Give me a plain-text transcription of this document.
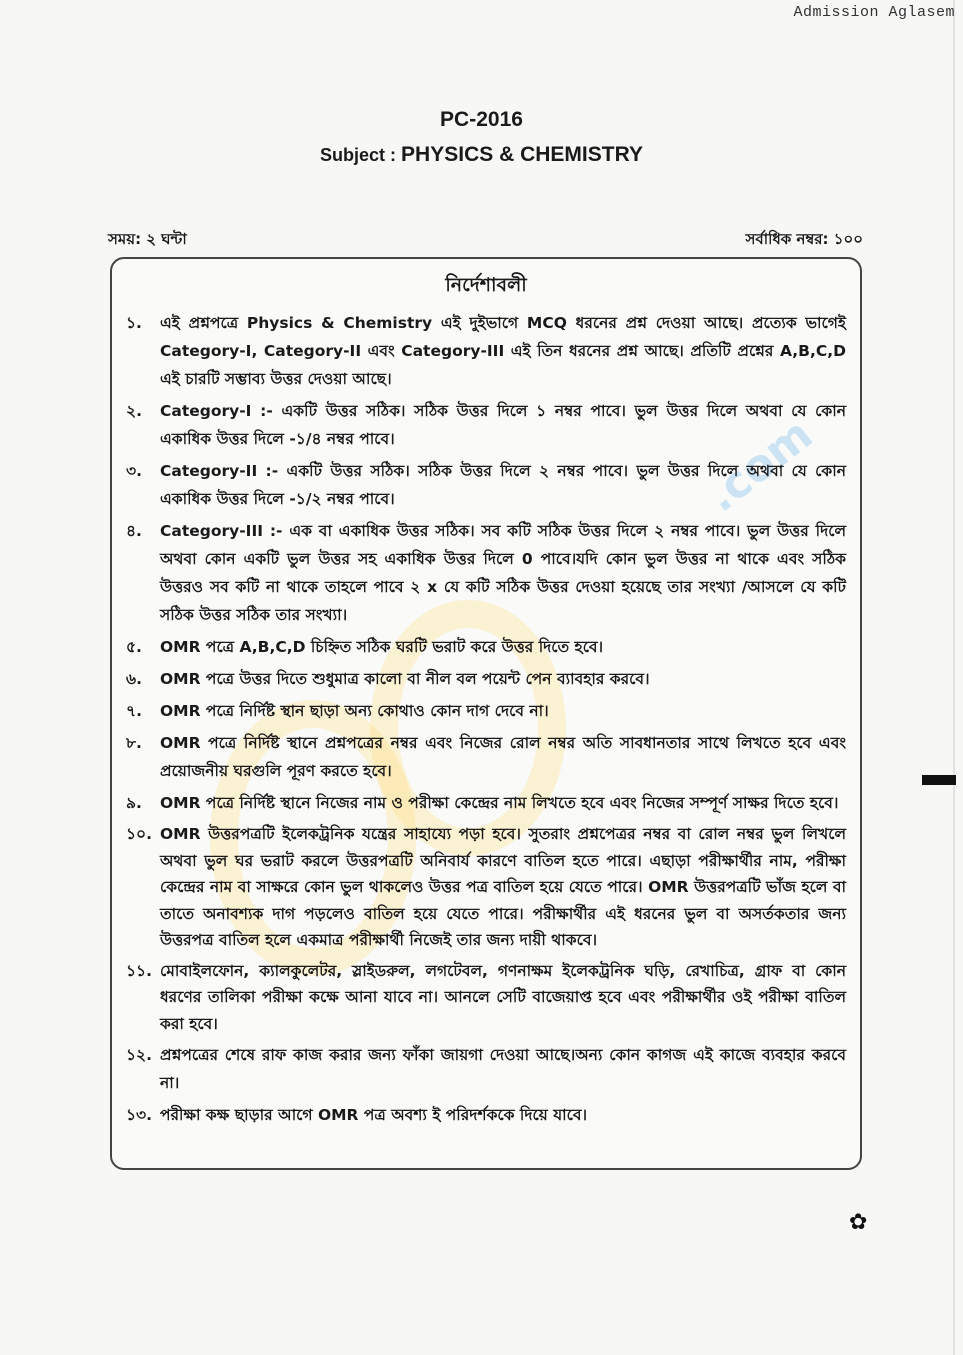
Admission Aglasem
PC-2016
Subject : PHYSICS & CHEMISTRY
সময়: ২ ঘন্টা	সর্বাধিক নম্বর: ১০০
.com
নির্দেশাবলী
১.	এই প্রশ্নপত্রে Physics & Chemistry এই দুইভাগে MCQ ধরনের প্রশ্ন দেওয়া আছে। প্রত্যেক ভাগেই Category-I, Category-II এবং Category-III এই তিন ধরনের প্রশ্ন আছে। প্রতিটি প্রশ্নের A,B,C,D এই চারটি সম্ভাব্য উত্তর দেওয়া আছে।
২.	Category-I :- একটি উত্তর সঠিক। সঠিক উত্তর দিলে ১ নম্বর পাবে। ভুল উত্তর দিলে অথবা যে কোন একাধিক উত্তর দিলে -১/৪ নম্বর পাবে।
৩.	Category-II :- একটি উত্তর সঠিক। সঠিক উত্তর দিলে ২ নম্বর পাবে। ভুল উত্তর দিলে অথবা যে কোন একাধিক উত্তর দিলে -১/২ নম্বর পাবে।
৪.	Category-III :- এক বা একাধিক উত্তর সঠিক। সব কটি সঠিক উত্তর দিলে ২ নম্বর পাবে। ভুল উত্তর দিলে অথবা কোন একটি ভুল উত্তর সহ একাধিক উত্তর দিলে 0 পাবে।যদি কোন ভুল উত্তর না থাকে এবং সঠিক উত্তরও সব কটি না থাকে তাহলে পাবে ২ x যে কটি সঠিক উত্তর দেওয়া হয়েছে তার সংখ্যা /আসলে যে কটি সঠিক উত্তর সঠিক তার সংখ্যা।
৫.	OMR পত্রে A,B,C,D চিহ্নিত সঠিক ঘরটি ভরাট করে উত্তর দিতে হবে।
৬.	OMR পত্রে উত্তর দিতে শুধুমাত্র কালো বা নীল বল পয়েন্ট পেন ব্যাবহার করবে।
৭.	OMR পত্রে নির্দিষ্ট স্থান ছাড়া অন্য কোথাও কোন দাগ দেবে না।
৮.	OMR পত্রে নির্দিষ্ট স্থানে প্রশ্নপত্রের নম্বর এবং নিজের রোল নম্বর অতি সাবধানতার সাথে লিখতে হবে এবং প্রয়োজনীয় ঘরগুলি পূরণ করতে হবে।
৯.	OMR পত্রে নির্দিষ্ট স্থানে নিজের নাম ও পরীক্ষা কেন্দ্রের নাম লিখতে হবে এবং নিজের সম্পূর্ণ সাক্ষর দিতে হবে।
১০. OMR উত্তরপত্রটি ইলেকট্রনিক যন্ত্রের সাহায্যে পড়া হবে। সুতরাং প্রশ্নপেত্রর নম্বর বা রোল নম্বর ভুল লিখলে অথবা ভুল ঘর ভরাট করলে উত্তরপত্রটি অনিবার্য কারণে বাতিল হতে পারে। এছাড়া পরীক্ষার্থীর নাম, পরীক্ষা কেন্দ্রের নাম বা সাক্ষরে কোন ভুল থাকলেও উত্তর পত্র বাতিল হয়ে যেতে পারে। OMR উত্তরপত্রটি ভাঁজ হলে বা তাতে অনাবশ্যক দাগ পড়লেও বাতিল হয়ে যেতে পারে। পরীক্ষার্থীর এই ধরনের ভুল বা অসর্তকতার জন্য উত্তরপত্র বাতিল হলে একমাত্র পরীক্ষার্থী নিজেই তার জন্য দায়ী থাকবে।
১১. মোবাইলফোন, ক্যালকুলেটর, স্লাইডরুল, লগটেবল, গণনাক্ষম ইলেকট্রনিক ঘড়ি, রেখাচিত্র, গ্রাফ বা কোন ধরণের তালিকা পরীক্ষা কক্ষে আনা যাবে না। আনলে সেটি বাজেয়াপ্ত হবে এবং পরীক্ষার্থীর ওই পরীক্ষা বাতিল করা হবে।
১২. প্রশ্নপত্রের শেষে রাফ কাজ করার জন্য ফাঁকা জায়গা দেওয়া আছে।অন্য কোন কাগজ এই কাজে ব্যবহার করবে না।
১৩. পরীক্ষা কক্ষ ছাড়ার আগে OMR পত্র অবশ্য ই পরিদর্শককে দিয়ে যাবে।
✿
